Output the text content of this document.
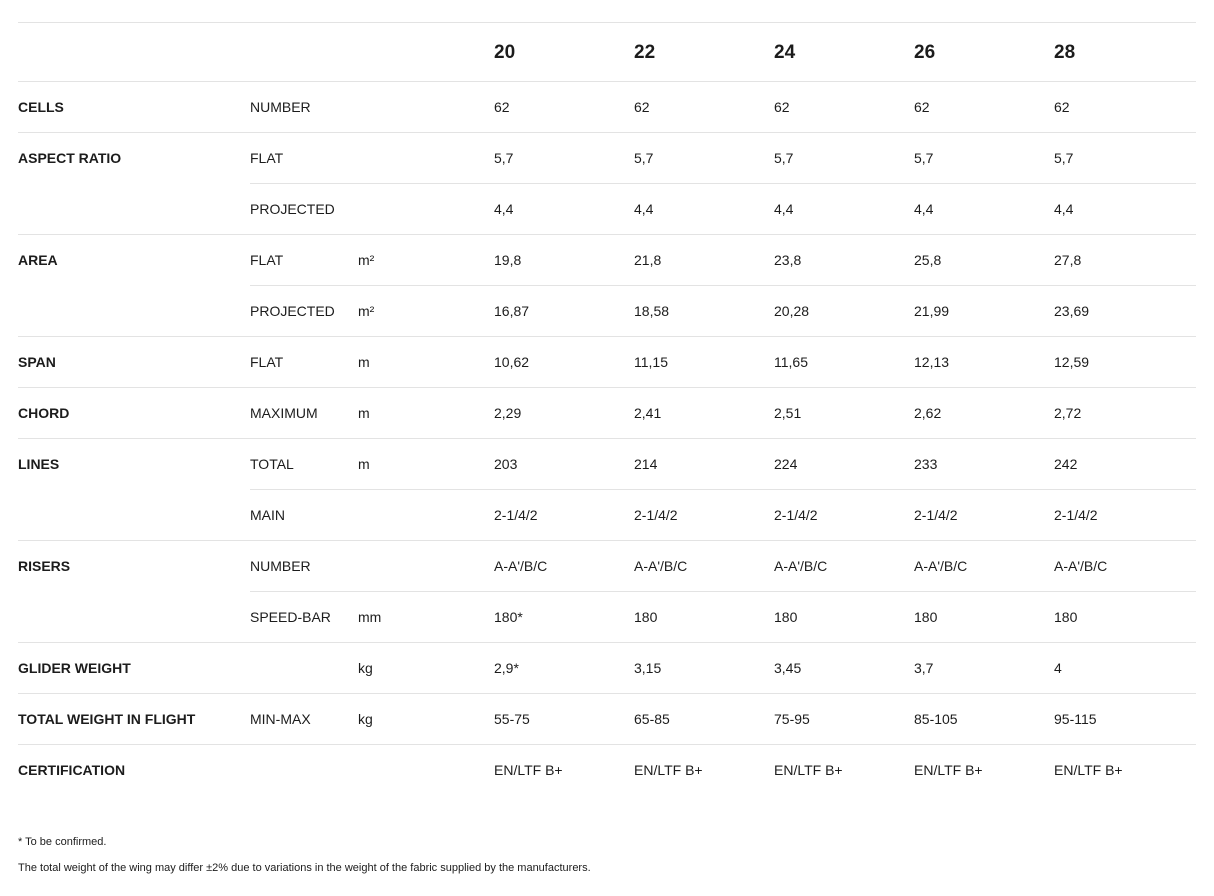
			20	22	24	26	28
CELLS	NUMBER		62	62	62	62	62
ASPECT RATIO	FLAT		5,7	5,7	5,7	5,7	5,7
	PROJECTED		4,4	4,4	4,4	4,4	4,4
AREA	FLAT	m²	19,8	21,8	23,8	25,8	27,8
	PROJECTED	m²	16,87	18,58	20,28	21,99	23,69
SPAN	FLAT	m	10,62	11,15	11,65	12,13	12,59
CHORD	MAXIMUM	m	2,29	2,41	2,51	2,62	2,72
LINES	TOTAL	m	203	214	224	233	242
	MAIN		2-1/4/2	2-1/4/2	2-1/4/2	2-1/4/2	2-1/4/2
RISERS	NUMBER		A-A'/B/C	A-A'/B/C	A-A'/B/C	A-A'/B/C	A-A'/B/C
	SPEED-BAR	mm	180*	180	180	180	180
GLIDER WEIGHT		kg	2,9*	3,15	3,45	3,7	4
TOTAL WEIGHT IN FLIGHT	MIN-MAX	kg	55-75	65-85	75-95	85-105	95-115
CERTIFICATION			EN/LTF B+	EN/LTF B+	EN/LTF B+	EN/LTF B+	EN/LTF B+
* To be confirmed.
The total weight of the wing may differ ±2% due to variations in the weight of the fabric supplied by the manufacturers.
